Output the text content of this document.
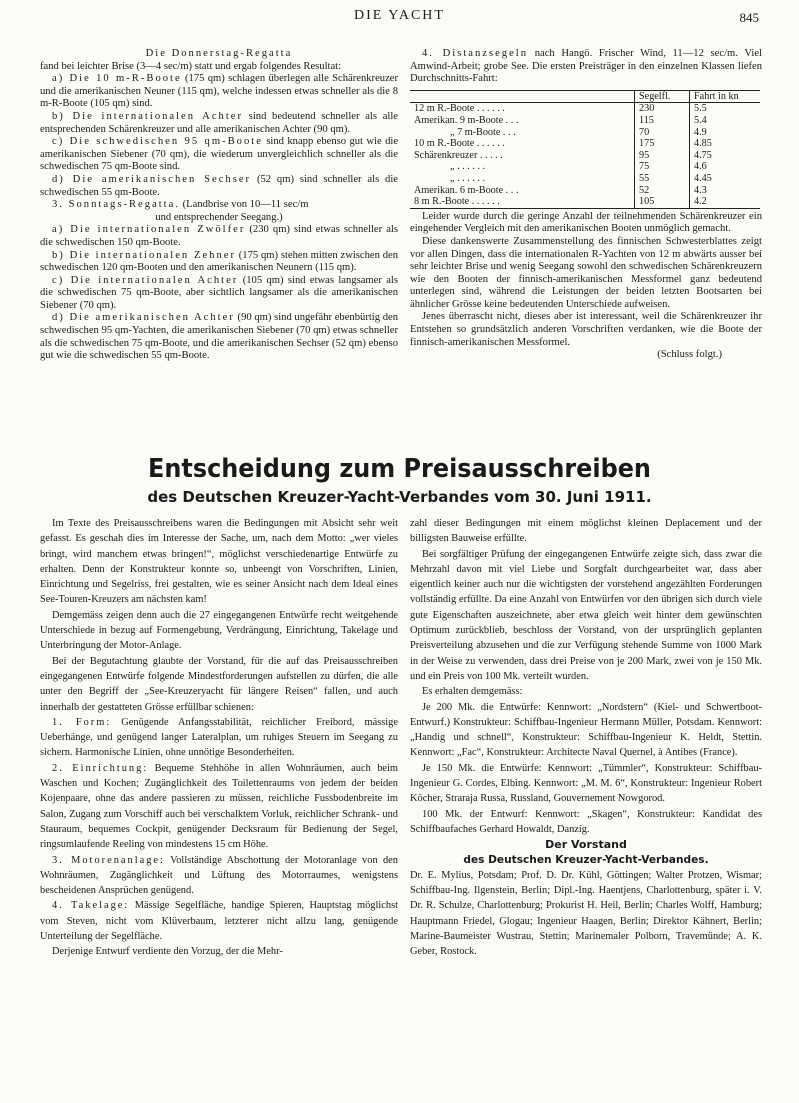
DIE YACHT	845

Die Donnerstag-Regatta

fand bei leichter Brise (3—4 sec/m) statt und ergab folgendes Resultat:

a) Die 10 m-R-Boote (175 qm) schlagen überlegen alle Schärenkreuzer und die amerikanischen Neuner (115 qm), welche indessen etwas schneller als die 8 m-R-Boote (105 qm) sind.

b) Die internationalen Achter sind bedeutend schneller als alle entsprechenden Schärenkreuzer und alle amerikanischen Achter (90 qm).

c) Die schwedischen 95 qm-Boote sind knapp ebenso gut wie die amerikanischen Siebener (70 qm), die wiederum unvergleichlich schneller als die schwedischen 75 qm-Boote sind.

d) Die amerikanischen Sechser (52 qm) sind schneller als die schwedischen 55 qm-Boote.

3. Sonntags-Regatta. (Landbrise von 10—11 sec/m

und entsprechender Seegang.)

a) Die internationalen Zwölfer (230 qm) sind etwas schneller als die schwedischen 150 qm-Boote.

b) Die internationalen Zehner (175 qm) stehen mitten zwischen den schwedischen 120 qm-Booten und den amerikanischen Neunern (115 qm).

c) Die internationalen Achter (105 qm) sind etwas langsamer als die schwedischen 75 qm-Boote, aber sichtlich langsamer als die amerikanischen Siebener (70 qm).

d) Die amerikanischen Achter (90 qm) sind ungefähr ebenbürtig den schwedischen 95 qm-Yachten, die amerikanischen Siebener (70 qm) etwas schneller als die schwedischen 75 qm-Boote, und die amerikanischen Sechser (52 qm) ebenso gut wie die schwedischen 55 qm-Boote.

4. Distanzsegeln nach Hangö. Frischer Wind, 11—12 sec/m. Viel Amwind-Arbeit; grobe See. Die ersten Preisträger in den einzelnen Klassen liefen Durchschnitts-Fahrt:

	Segelfl.	Fahrt in kn
12 m R.-Boote . . . . . .	230	5.5
Amerikan. 9 m-Boote . . .	115	5.4
„ 7 m-Boote . . .	70	4.9
10 m R.-Boote . . . . . .	175	4.85
Schärenkreuzer . . . . .	95	4.75
„ . . . . . .	75	4.6
„ . . . . . .	55	4.45
Amerikan. 6 m-Boote . . .	52	4.3
8 m R.-Boote . . . . . .	105	4.2

Leider wurde durch die geringe Anzahl der teilnehmenden Schärenkreuzer ein eingehender Vergleich mit den amerikanischen Booten unmöglich gemacht.

Diese dankenswerte Zusammenstellung des finnischen Schwesterblattes zeigt vor allen Dingen, dass die internationalen R-Yachten von 12 m abwärts ausser bei sehr leichter Brise und wenig Seegang sowohl den schwedischen Schärenkreuzern wie den Booten der finnisch-amerikanischen Messformel ganz bedeutend unterlegen sind, während die Leistungen der beiden letzten Bootsarten bei ähnlicher Grösse keine bedeutenden Unterschiede aufweisen.

Jenes überrascht nicht, dieses aber ist interessant, weil die Schärenkreuzer ihr Entstehen so grundsätzlich anderen Vorschriften verdanken, wie die Boote der finnisch-amerikanischen Messformel.

(Schluss folgt.)

Entscheidung zum Preisausschreiben
des Deutschen Kreuzer-Yacht-Verbandes vom 30. Juni 1911.

Im Texte des Preisausschreibens waren die Bedingungen mit Absicht sehr weit gefasst. Es geschah dies im Interesse der Sache, um, nach dem Motto: „wer vieles bringt, wird manchem etwas bringen!“, möglichst verschiedenartige Entwürfe zu erhalten. Denn der Konstrukteur konnte so, unbeengt von Vorschriften, Linien, Einrichtung und Segelriss, frei gestalten, wie es seiner Ansicht nach dem Ideal eines See-Touren-Kreuzers am nächsten kam!

Demgemäss zeigen denn auch die 27 eingegangenen Entwürfe recht weitgehende Unterschiede in bezug auf Formengebung, Verdrängung, Einrichtung, Takelage und Unterbringung der Motor-Anlage.

Bei der Begutachtung glaubte der Vorstand, für die auf das Preisausschreiben eingegangenen Entwürfe folgende Mindestforderungen aufstellen zu dürfen, die alle unter den Begriff der „See-Kreuzeryacht für längere Reisen“ fallen, und auch innerhalb der gestatteten Grösse erfüllbar schienen:

1. Form: Genügende Anfangsstabilität, reichlicher Freibord, mässige Ueberhänge, und genügend langer Lateralplan, um ruhiges Steuern im Seegang zu sichern. Harmonische Linien, ohne unnötige Besonderheiten.

2. Einrichtung: Bequeme Stehhöhe in allen Wohnräumen, auch beim Waschen und Kochen; Zugänglichkeit des Toilettenraums von jedem der beiden Kojenpaare, ohne das andere passieren zu müssen, reichliche Fussbodenbreite im Salon, Zugang zum Vorschiff auch bei verschalktem Vorluk, reichlicher Schrank- und Stauraum, bequemes Cockpit, genügender Decksraum für Bedienung der Segel, ringsumlaufende Reeling von mindestens 15 cm Höhe.

3. Motorenanlage: Vollständige Abschottung der Motoranlage von den Wohnräumen, Zugänglichkeit und Lüftung des Motorraumes, wenigstens bescheidenen Ansprüchen genügend.

4. Takelage: Mässige Segelfläche, handige Spieren, Hauptstag möglichst vom Steven, nicht vom Klüverbaum, letzterer nicht allzu lang, genügende Unterteilung der Segelfläche.

Derjenige Entwurf verdiente den Vorzug, der die Mehr-

zahl dieser Bedingungen mit einem möglichst kleinen Deplacement und der billigsten Bauweise erfüllte.

Bei sorgfältiger Prüfung der eingegangenen Entwürfe zeigte sich, dass zwar die Mehrzahl davon mit viel Liebe und Sorgfalt durchgearbeitet war, dass aber eigentlich keiner auch nur die wichtigsten der vorstehend angezählten Forderungen vollständig erfüllte. Da eine Anzahl von Entwürfen vor den übrigen sich durch viele gute Eigenschaften auszeichnete, aber etwa gleich weit hinter dem gewünschten Optimum zurückblieb, beschloss der Vorstand, von der ursprünglich geplanten Preisverteilung abzusehen und die zur Verfügung stehende Summe von 1000 Mark in der Weise zu verwenden, dass drei Preise von je 200 Mark, zwei von je 150 Mk. und ein Preis von 100 Mk. verteilt wurden.

Es erhalten demgemäss:

Je 200 Mk. die Entwürfe: Kennwort: „Nordstern“ (Kiel- und Schwertboot-Entwurf.) Konstrukteur: Schiffbau-Ingenieur Hermann Müller, Potsdam. Kennwort: „Handig und schnell“, Konstrukteur: Schiffbau-Ingenieur K. Heldt, Stettin. Kennwort: „Fac“, Konstrukteur: Architecte Naval Quernel, à Antibes (France).

Je 150 Mk. die Entwürfe: Kennwort: „Tümmler“, Konstrukteur: Schiffbau-Ingenieur G. Cordes, Elbing. Kennwort: „M. M. 6“, Konstrukteur: Ingenieur Robert Köcher, Straraja Russa, Russland, Gouvernement Nowgorod.

100 Mk. der Entwurf: Kennwort: „Skagen“, Konstrukteur: Kandidat des Schiffbaufaches Gerhard Howaldt, Danzig.

Der Vorstand

des Deutschen Kreuzer-Yacht-Verbandes.

Dr. E. Mylius, Potsdam; Prof. D. Dr. Kühl, Göttingen; Walter Protzen, Wismar; Schiffbau-Ing. Ilgenstein, Berlin; Dipl.-Ing. Haentjens, Charlottenburg, später i. V. Dr. R. Schulze, Charlottenburg; Prokurist H. Heil, Berlin; Charles Wolff, Hamburg; Hauptmann Friedel, Glogau; Ingenieur Haagen, Berlin; Direktor Kähnert, Berlin; Marine-Baumeister Wustrau, Stettin; Marinemaler Polborn, Travemünde; A. K. Geber, Rostock.
